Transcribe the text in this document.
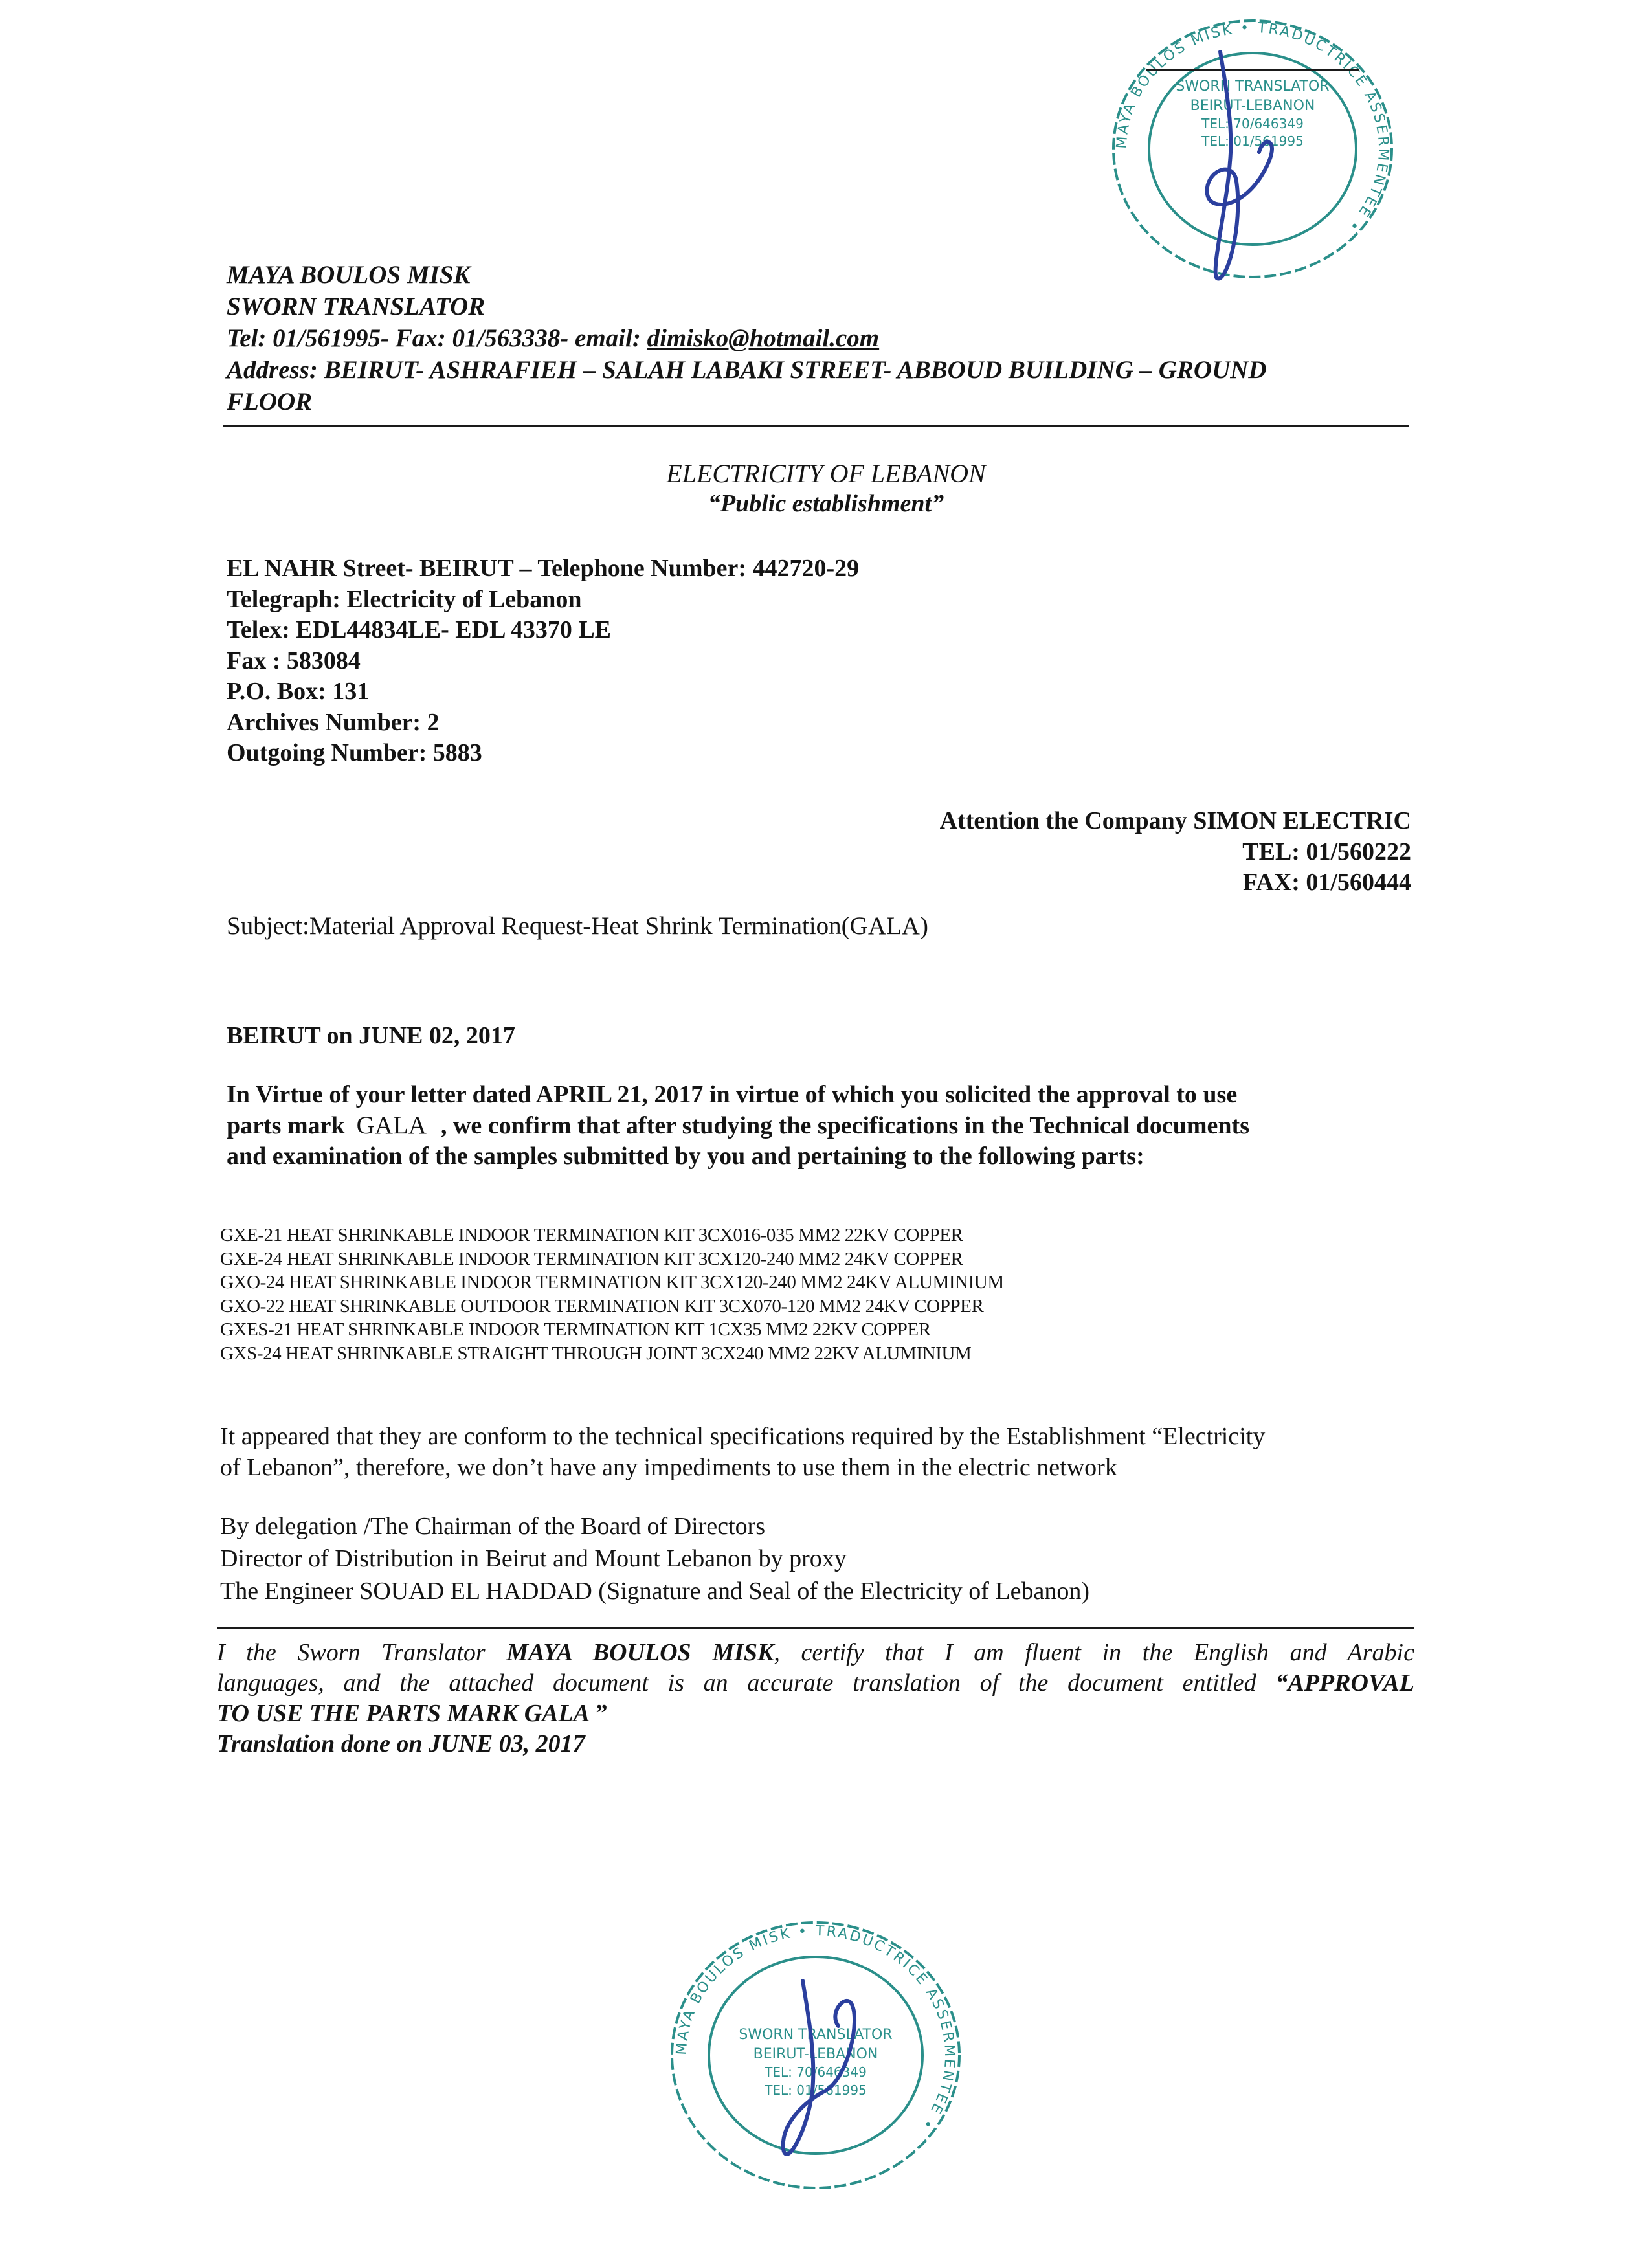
MAYA BOULOS MISK • TRADUCTRICE ASSERMENTEE •
SWORN TRANSLATOR
BEIRUT-LEBANON
TEL: 70/646349
TEL: 01/561995
MAYA BOULOS MISK
SWORN TRANSLATOR
Tel: 01/561995- Fax: 01/563338- email: dimisko@hotmail.com
Address: BEIRUT- ASHRAFIEH – SALAH LABAKI STREET- ABBOUD BUILDING – GROUND
FLOOR
ELECTRICITY OF LEBANON
“Public establishment”
EL NAHR Street- BEIRUT – Telephone Number: 442720-29
Telegraph: Electricity of Lebanon
Telex: EDL44834LE- EDL 43370 LE
Fax : 583084
P.O. Box: 131
Archives Number: 2
Outgoing Number: 5883
Attention the Company SIMON ELECTRIC
TEL: 01/560222
FAX: 01/560444
Subject:Material Approval Request-Heat Shrink Termination(GALA)
BEIRUT on JUNE 02, 2017
In Virtue of your letter dated APRIL 21, 2017 in virtue of which you solicited the approval to use
parts mark GALA , we confirm that after studying the specifications in the Technical documents
and examination of the samples submitted by you and pertaining to the following parts:
GXE-21 HEAT SHRINKABLE INDOOR TERMINATION KIT 3CX016-035 MM2 22KV COPPER
GXE-24 HEAT SHRINKABLE INDOOR TERMINATION KIT 3CX120-240 MM2 24KV COPPER
GXO-24 HEAT SHRINKABLE INDOOR TERMINATION KIT 3CX120-240 MM2 24KV ALUMINIUM
GXO-22 HEAT SHRINKABLE OUTDOOR TERMINATION KIT 3CX070-120 MM2 24KV COPPER
GXES-21 HEAT SHRINKABLE INDOOR TERMINATION KIT 1CX35 MM2 22KV COPPER
GXS-24 HEAT SHRINKABLE STRAIGHT THROUGH JOINT 3CX240 MM2 22KV ALUMINIUM
It appeared that they are conform to the technical specifications required by the Establishment “Electricity
of Lebanon”, therefore, we don’t have any impediments to use them in the electric network
By delegation /The Chairman of the Board of Directors
Director of Distribution in Beirut and Mount Lebanon by proxy
The Engineer SOUAD EL HADDAD (Signature and Seal of the Electricity of Lebanon)
I the Sworn Translator MAYA BOULOS MISK, certify that I am fluent in the English and Arabic
languages, and the attached document is an accurate translation of the document entitled “APPROVAL
TO USE THE PARTS MARK GALA ”
Translation done on JUNE 03, 2017
MAYA BOULOS MISK • TRADUCTRICE ASSERMENTEE •
SWORN TRANSLATOR
BEIRUT-LEBANON
TEL: 70/646349
TEL: 01/561995
